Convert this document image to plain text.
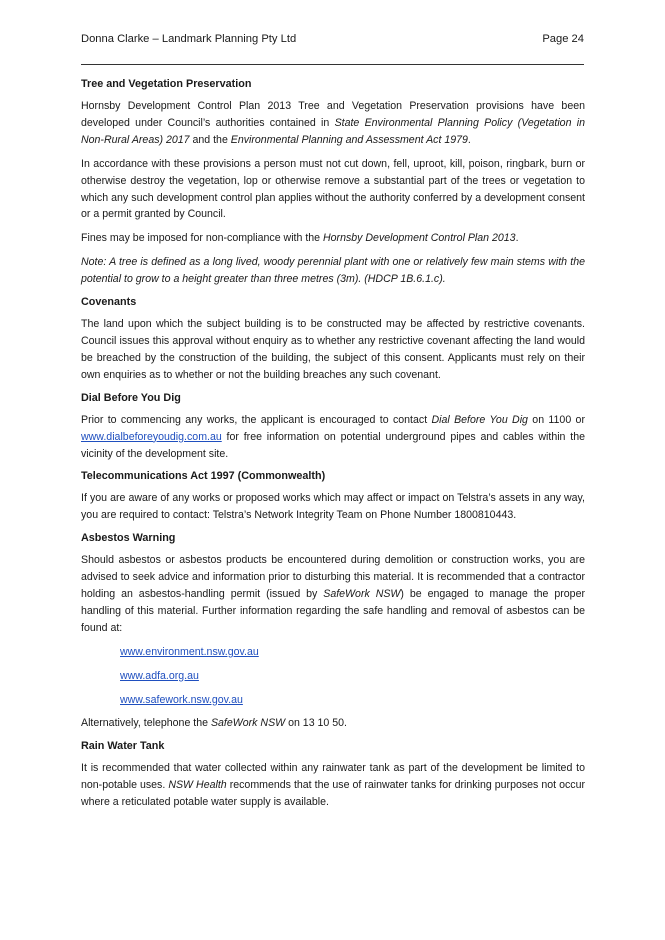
Donna Clarke – Landmark Planning Pty Ltd	Page 24
Tree and Vegetation Preservation

Hornsby Development Control Plan 2013 Tree and Vegetation Preservation provisions have been developed under Council’s authorities contained in State Environmental Planning Policy (Vegetation in Non-Rural Areas) 2017 and the Environmental Planning and Assessment Act 1979.

In accordance with these provisions a person must not cut down, fell, uproot, kill, poison, ringbark, burn or otherwise destroy the vegetation, lop or otherwise remove a substantial part of the trees or vegetation to which any such development control plan applies without the authority conferred by a development consent or a permit granted by Council.

Fines may be imposed for non-compliance with the Hornsby Development Control Plan 2013.

Note: A tree is defined as a long lived, woody perennial plant with one or relatively few main stems with the potential to grow to a height greater than three metres (3m). (HDCP 1B.6.1.c).

Covenants

The land upon which the subject building is to be constructed may be affected by restrictive covenants. Council issues this approval without enquiry as to whether any restrictive covenant affecting the land would be breached by the construction of the building, the subject of this consent. Applicants must rely on their own enquiries as to whether or not the building breaches any such covenant.

Dial Before You Dig

Prior to commencing any works, the applicant is encouraged to contact Dial Before You Dig on 1100 or www.dialbeforeyoudig.com.au for free information on potential underground pipes and cables within the vicinity of the development site.

Telecommunications Act 1997 (Commonwealth)

If you are aware of any works or proposed works which may affect or impact on Telstra’s assets in any way, you are required to contact: Telstra’s Network Integrity Team on Phone Number 1800810443.

Asbestos Warning

Should asbestos or asbestos products be encountered during demolition or construction works, you are advised to seek advice and information prior to disturbing this material. It is recommended that a contractor holding an asbestos-handling permit (issued by SafeWork NSW) be engaged to manage the proper handling of this material. Further information regarding the safe handling and removal of asbestos can be found at:

www.environment.nsw.gov.au

www.adfa.org.au

www.safework.nsw.gov.au

Alternatively, telephone the SafeWork NSW on 13 10 50.

Rain Water Tank

It is recommended that water collected within any rainwater tank as part of the development be limited to non-potable uses. NSW Health recommends that the use of rainwater tanks for drinking purposes not occur where a reticulated potable water supply is available.
